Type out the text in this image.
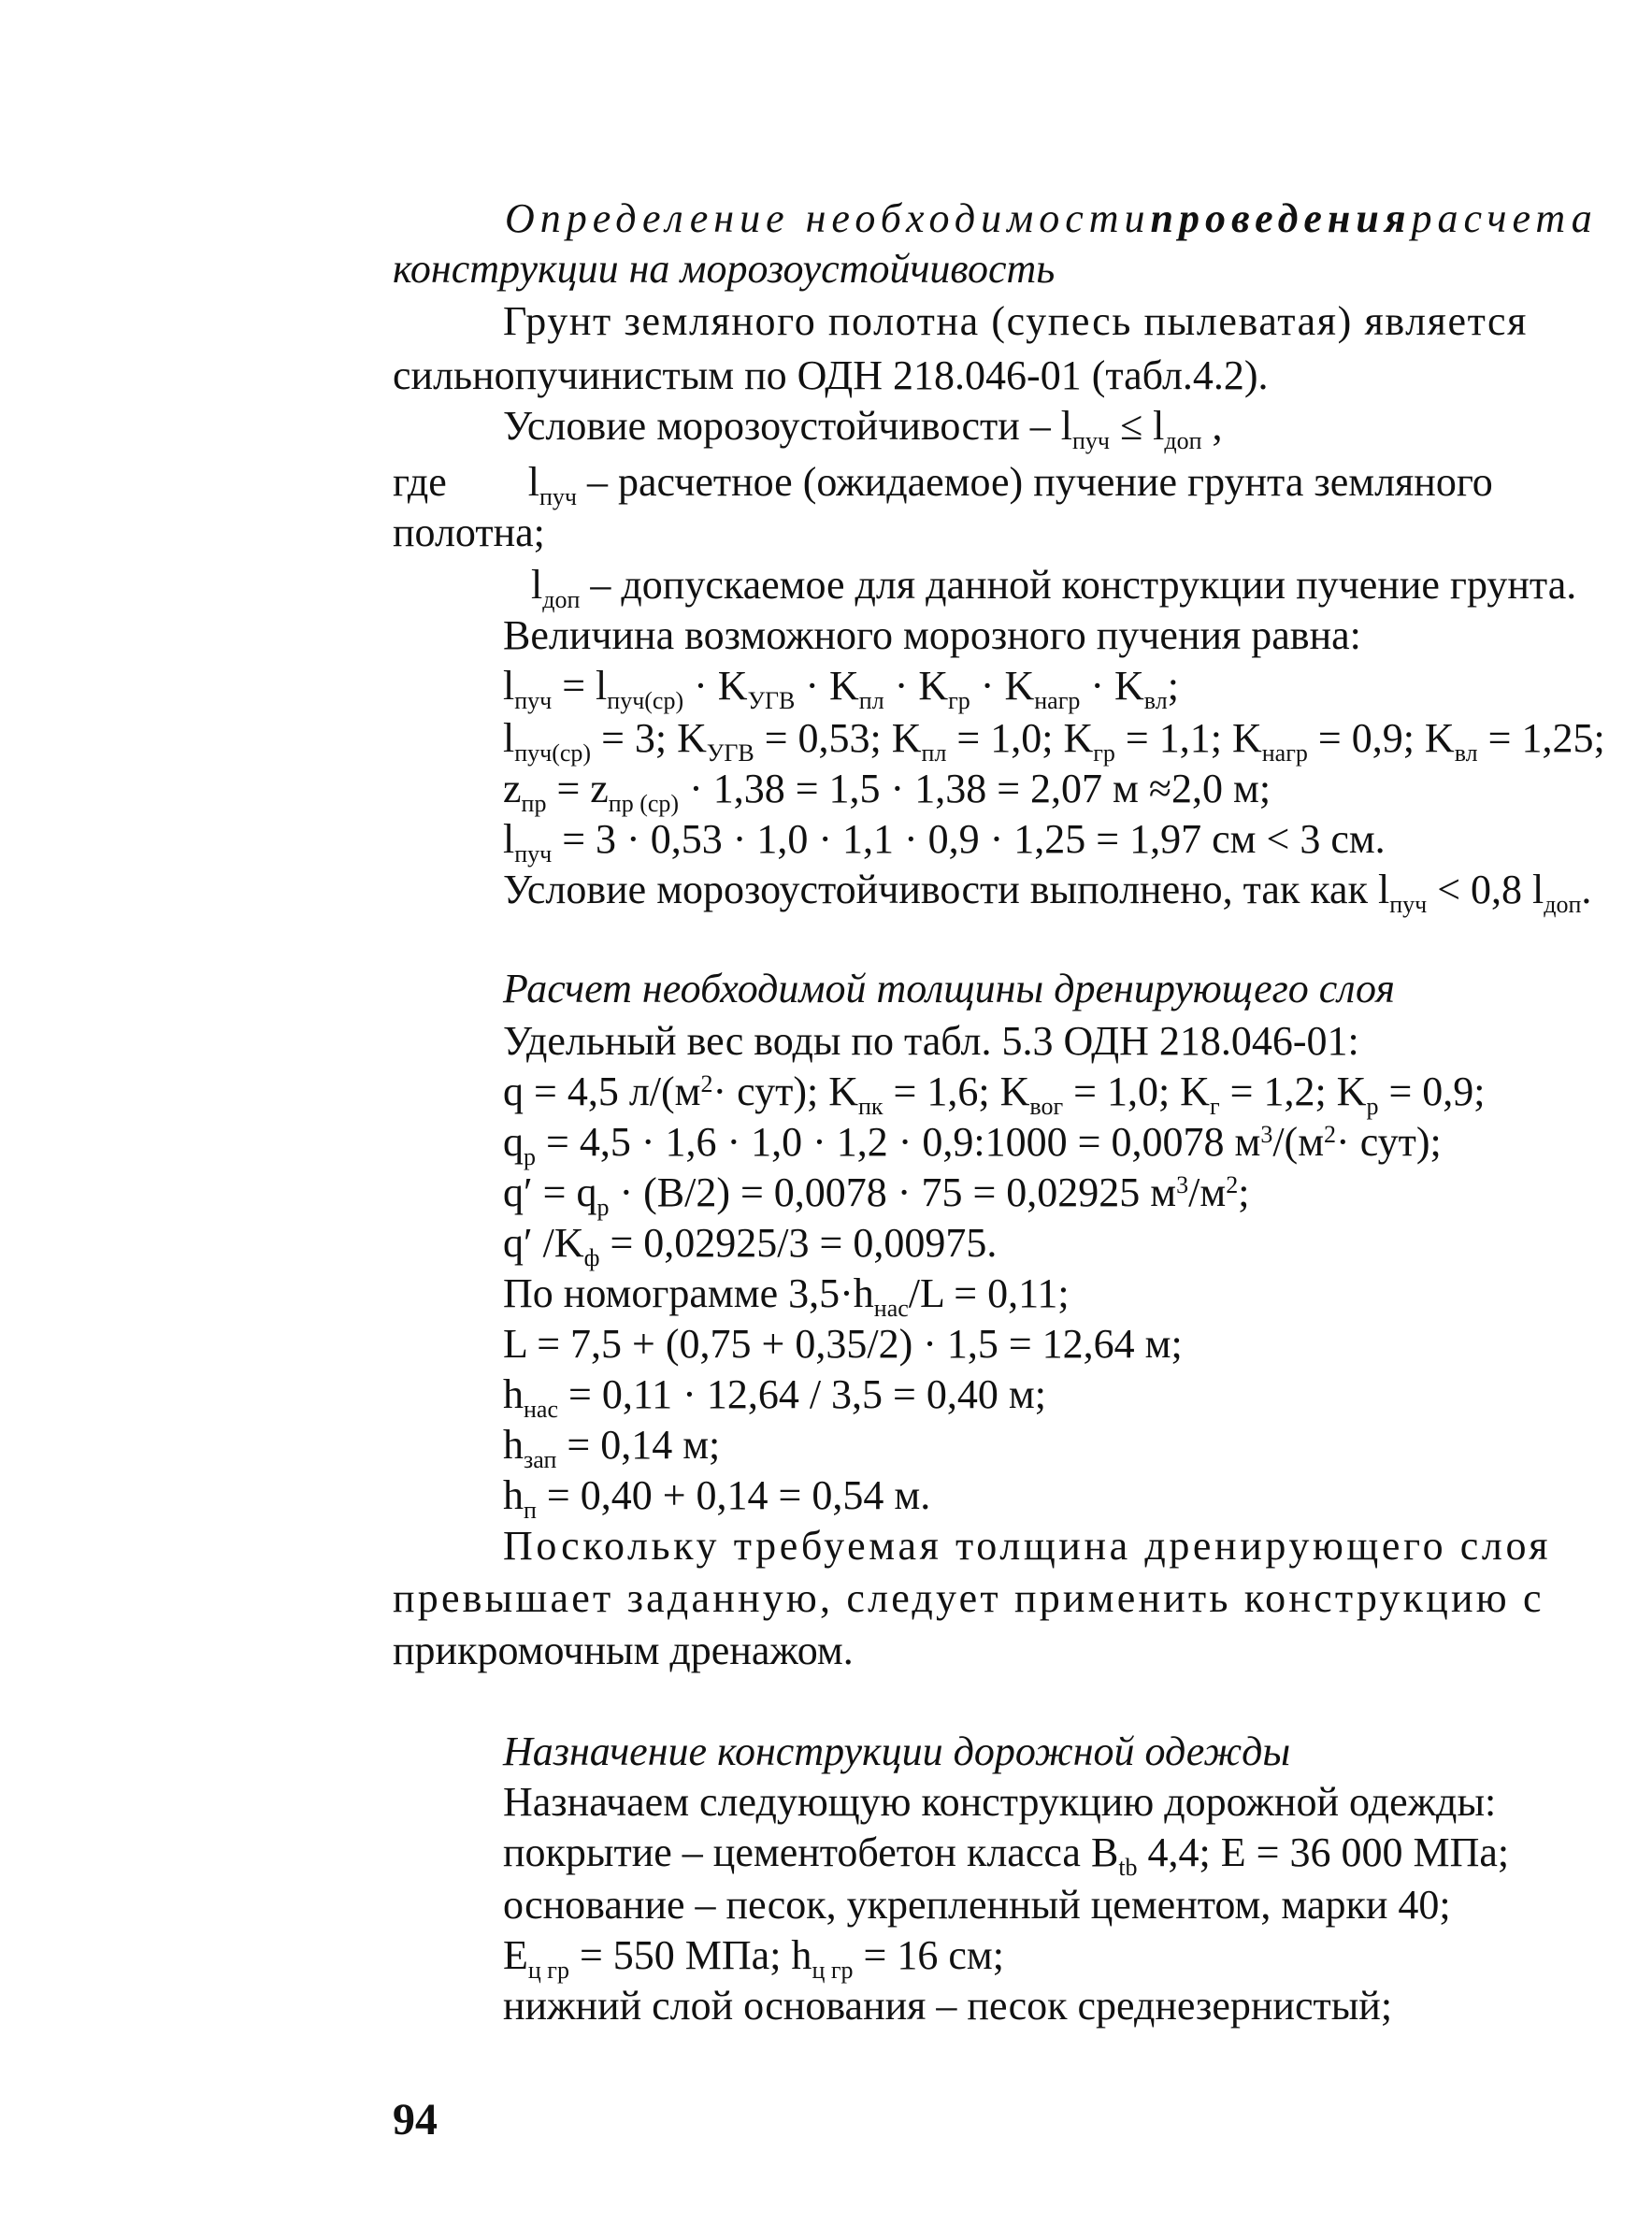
Определение необходимости проведения расчета
конструкции на морозоустойчивость
Грунт земляного полотна (супесь пылеватая) является
сильнопучинистым по ОДН 218.046-01 (табл.4.2).
Условие морозоустойчивости – $l_{пуч} \le l_{доп}$ ,
где $l_{пуч}$ – расчетное (ожидаемое) пучение грунта земляного
полотна;
$l_{доп}$ – допускаемое для данной конструкции пучение грунта.
Величина возможного морозного пучения равна:
$l_{пуч} = l_{пуч(ср)} \cdot K_{УГВ} \cdot K_{пл} \cdot K_{гр} \cdot K_{нагр} \cdot K_{вл}$;
$l_{пуч(ср)} = 3$; $K_{УГВ} = 0,53$; $K_{пл} = 1,0$; $K_{гр} = 1,1$; $K_{нагр} = 0,9$; $K_{вл} = 1,25$;
$z_{пр} = z_{пр (ср)} \cdot 1,38 = 1,5 \cdot 1,38 = 2,07$ м ≈2,0 м;
$l_{пуч} = 3 \cdot 0,53 \cdot 1,0 \cdot 1,1 \cdot 0,9 \cdot 1,25 = 1,97$ см < 3 см.
Условие морозоустойчивости выполнено, так как $l_{пуч} < 0,8$ $l_{доп}$.
Расчет необходимой толщины дренирующего слоя
Удельный вес воды по табл. 5.3 ОДН 218.046-01:
q = 4,5 $л/(м^2\cdot сут)$; $K_{пк} = 1,6$; $K_{вог} = 1,0$; $K_г = 1,2$; $K_р = 0,9$;
$q_р = 4,5 \cdot 1,6 \cdot 1,0 \cdot 1,2$ · 0,9:1000 = 0,0078 $м^3/(м^2\cdot сут)$;
$q' = q_р \cdot (B/2) = 0,0078 \cdot 75 = 0,02925$ $м^3/м^2$;
q′ $/K_ф = 0,02925/3 = 0,00975$.
По номограмме $3,5\cdot h_{нас}/L = 0,11$;
L = 7,5 + (0,75 + 0,35/2) · 1,5 = 12,64 м;
$h_{нас} = 0,11 \cdot 12,64 / 3,5 = 0,40$ м;
$h_{зап} = 0,14$ м;
$h_п = 0,40 + 0,14 = 0,54$ м.
Поскольку требуемая толщина дренирующего слоя
превышает заданную, следует применить конструкцию с
прикромочным дренажом.
Назначение конструкции дорожной одежды
Назначаем следующую конструкцию дорожной одежды:
покрытие – цементобетон класса $B_{tb}$ 4,4; E = 36 000 МПа;
основание – песок, укрепленный цементом, марки 40;
$E_{ц гр} = 550$ МПа; $h_{ц гр} = 16$ см;
нижний слой основания – песок среднезернистый;
94
